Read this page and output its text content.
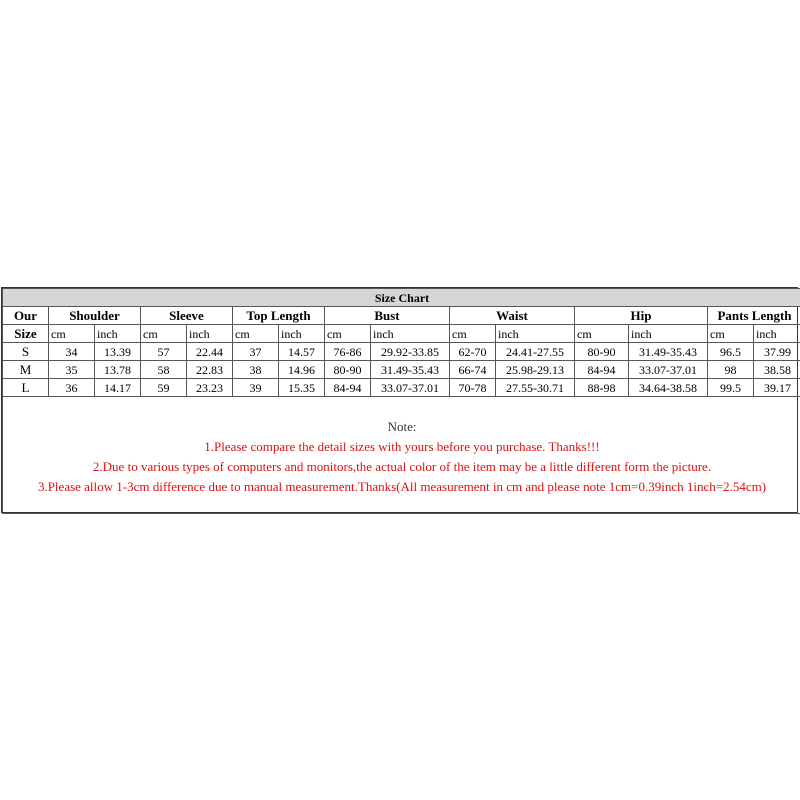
Size Chart														
Our	Shoulder		Sleeve		Top Length		Bust		Waist		Hip		Pants Length	
Size	cm	inch	cm	inch	cm	inch	cm	inch	cm	inch	cm	inch	cm	inch
S	34	13.39	57	22.44	37	14.57	76-86	29.92-33.85	62-70	24.41-27.55	80-90	31.49-35.43	96.5	37.99
M	35	13.78	58	22.83	38	14.96	80-90	31.49-35.43	66-74	25.98-29.13	84-94	33.07-37.01	98	38.58
L	36	14.17	59	23.23	39	15.35	84-94	33.07-37.01	70-78	27.55-30.71	88-98	34.64-38.58	99.5	39.17

Note:
1.Please compare the detail sizes with yours before you purchase. Thanks!!!
2.Due to various types of computers and monitors,the actual color of the item may be a little different form the picture.
3.Please allow 1-3cm difference due to manual measurement.Thanks(All measurement in cm and please note 1cm=0.39inch 1inch=2.54cm)														
